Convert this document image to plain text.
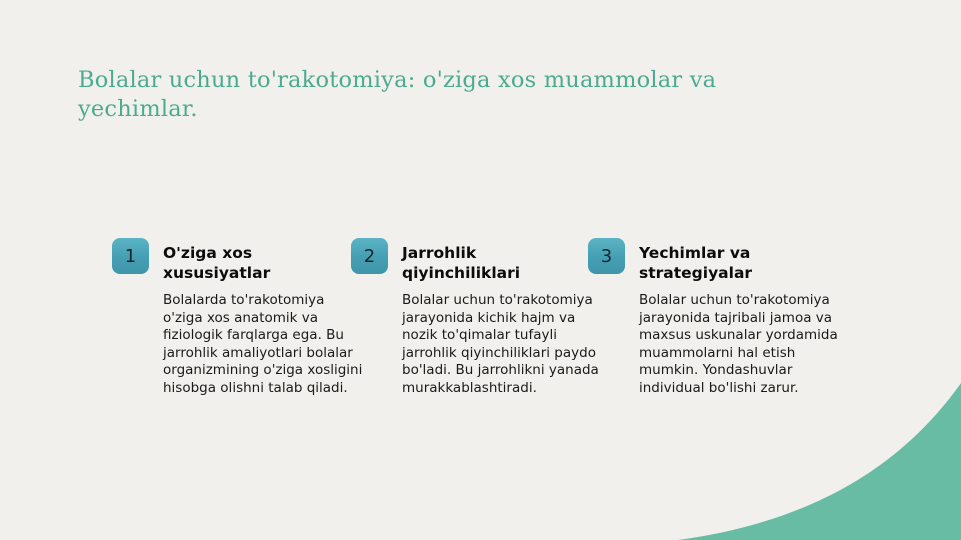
Bolalar uchun to'rakotomiya: o'ziga xos muammolar va yechimlar.
1 O'ziga xos xususiyatlar
Bolalarda to'rakotomiya o'ziga xos anatomik va fiziologik farqlarga ega. Bu jarrohlik amaliyotlari bolalar organizmining o'ziga xosligini hisobga olishni talab qiladi.
2 Jarrohlik qiyinchiliklari
Bolalar uchun to'rakotomiya jarayonida kichik hajm va nozik to'qimalar tufayli jarrohlik qiyinchiliklari paydo bo'ladi. Bu jarrohlikni yanada murakkablashtiradi.
3 Yechimlar va strategiyalar
Bolalar uchun to'rakotomiya jarayonida tajribali jamoa va maxsus uskunalar yordamida muammolarni hal etish mumkin. Yondashuvlar individual bo'lishi zarur.
